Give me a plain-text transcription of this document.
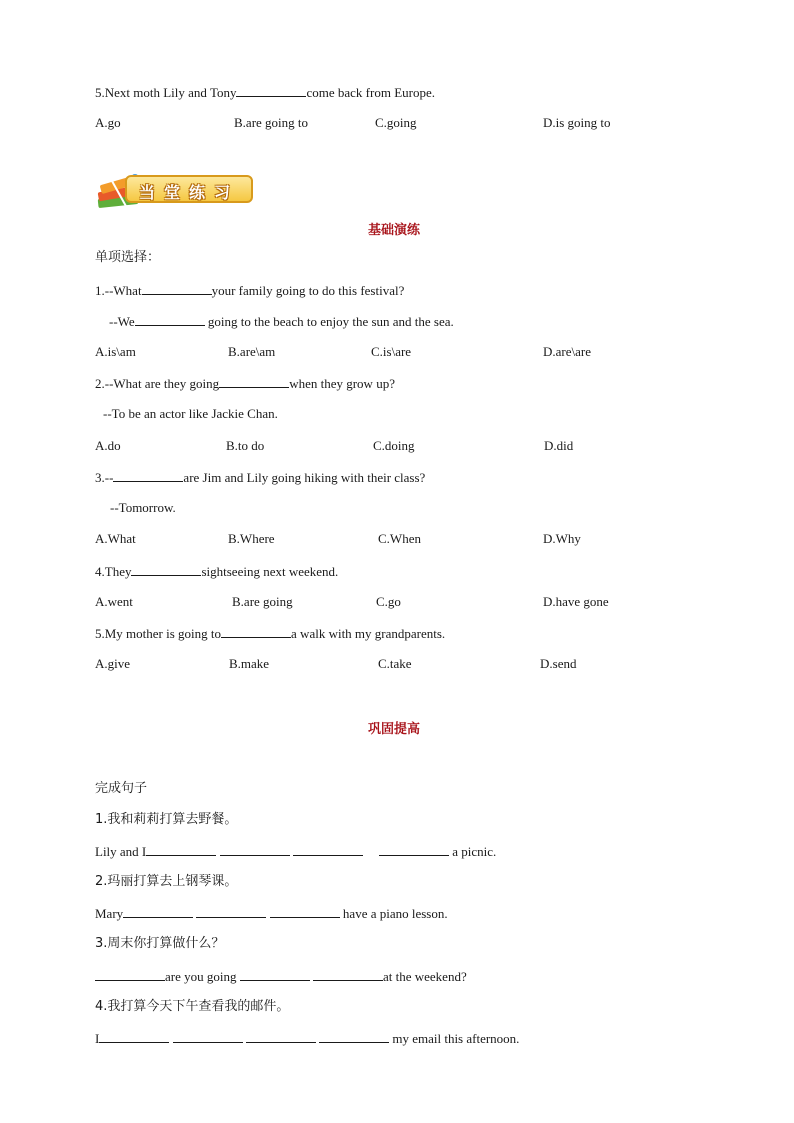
5.Next moth Lily and Tony	come back from Europe.
A.go	B.are going to	C.going	D.is going to
当堂练习
基础演练
单项选择：
1.--What	your family going to do this festival?
--We	going to the beach to enjoy the sun and the sea.
A.is\am	B.are\am	C.is\are	D.are\are
2.--What are they going	when they grow up?
--To be an actor like Jackie Chan.
A.do	B.to do	C.doing	D.did
3.--	are Jim and Lily going hiking with their class?
--Tomorrow.
A.What	B.Where	C.When	D.Why
4.They	sightseeing next weekend.
A.went	B.are going	C.go	D.have gone
5.My mother is going to	a walk with my grandparents.
A.give	B.make	C.take	D.send
巩固提高
完成句子
1.我和莉莉打算去野餐。
Lily and I	a picnic.
2.玛丽打算去上钢琴课。
Mary	have a piano lesson.
3.周末你打算做什么？
are you going	at the weekend?
4.我打算今天下午查看我的邮件。
I	my email this afternoon.
